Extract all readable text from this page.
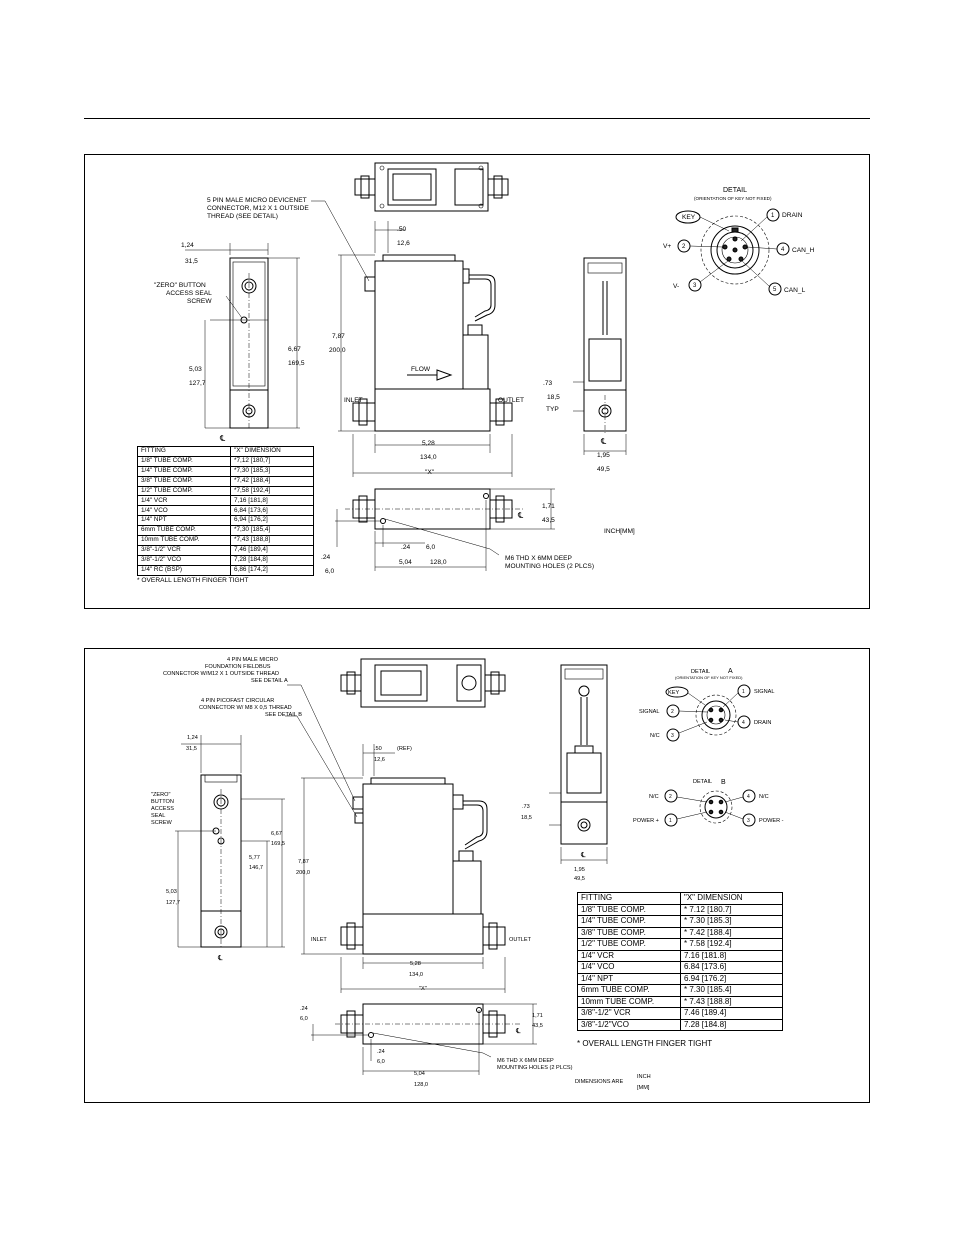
5 PIN MALE MICRO DEVICENET
CONNECTOR, M12 X 1 OUTSIDE
THREAD (SEE DETAIL)
"ZERO" BUTTON
ACCESS SEAL
SCREW
FLOW
INLET	OUTLET
TYP
M6 THD X 6MM DEEP
MOUNTING HOLES (2 PLCS)
INCH[MM]
"X"
℄	℄
℄
1,24
31,5
.50
12,6
7,87
200,0
6,67
169,5
5,03
127,7
5,28
134,0
.73
18,5
1,95
49,5
1,71
43,5
.24 6,0
.24
6,0
5,04	128,0
DETAIL
(ORIENTATION OF KEY NOT FIXED)
KEY	1 DRAIN
2
V+
3
V-
4 CAN_H
5 CAN_L
FITTING	"X" DIMENSION
1/8" TUBE COMP.	*7,12 [180,7]
1/4" TUBE COMP.	*7,30 [185,3]
3/8" TUBE COMP.	*7,42 [188,4]
1/2" TUBE COMP.	*7,58 [192,4]
1/4" VCR	7,16 [181,8]
1/4" VCO	6,84 [173,6]
1/4" NPT	6,94 [176,2]
6mm TUBE COMP.	*7,30 [185,4]
10mm TUBE COMP.	*7,43 [188,8]
3/8"-1/2" VCR	7,46 [189,4]
3/8"-1/2" VCO	7,28 [184,8]
1/4" RC (BSP)	6,86 [174,2]
* OVERALL LENGTH FINGER TIGHT
4 PIN MALE MICRO
FOUNDATION FIELDBUS
CONNECTOR W/M12 X 1 OUTSIDE THREAD
SEE DETAIL A
4 PIN PICOFAST CIRCULAR
CONNECTOR W/ M8 X 0,5 THREAD
SEE DETAIL B
"ZERO"
BUTTON
ACCESS
SEAL
SCREW
INLET	OUTLET
(REF)
M6 THD X 6MM DEEP
MOUNTING HOLES (2 PLCS)
DIMENSIONS ARE
INCH
[MM]
"X"
℄
℄
℄
1,24
31,5	.50
12,6
7,87
200,0
6,67
169,5
5,77
146,7
5,03
127,7
5,28
134,0
.73
18,5
1,95
49,5
1,71
43,5
.24
6,0
.24
6,0
5,04
128,0
DETAIL	A
(ORIENTATION OF KEY NOT FIXED)
KEY	1 SIGNAL
2
SIGNAL
3
N/C
4 DRAIN
DETAIL B
1
POWER +
2
N/C
3 POWER -
4 N/C
FITTING	"X" DIMENSION
1/8" TUBE COMP.	* 7.12 [180.7]
1/4" TUBE COMP.	* 7.30 [185.3]
3/8" TUBE COMP.	* 7.42 [188.4]
1/2" TUBE COMP.	* 7.58 [192.4]
1/4" VCR	7.16 [181.8]
1/4" VCO	6.84 [173.6]
1/4" NPT	6.94 [176.2]
6mm TUBE COMP.	* 7.30 [185.4]
10mm TUBE COMP.	* 7.43 [188.8]
3/8"-1/2" VCR	7.46 [189.4]
3/8"-1/2"VCO	7.28 [184.8]
* OVERALL LENGTH FINGER TIGHT
